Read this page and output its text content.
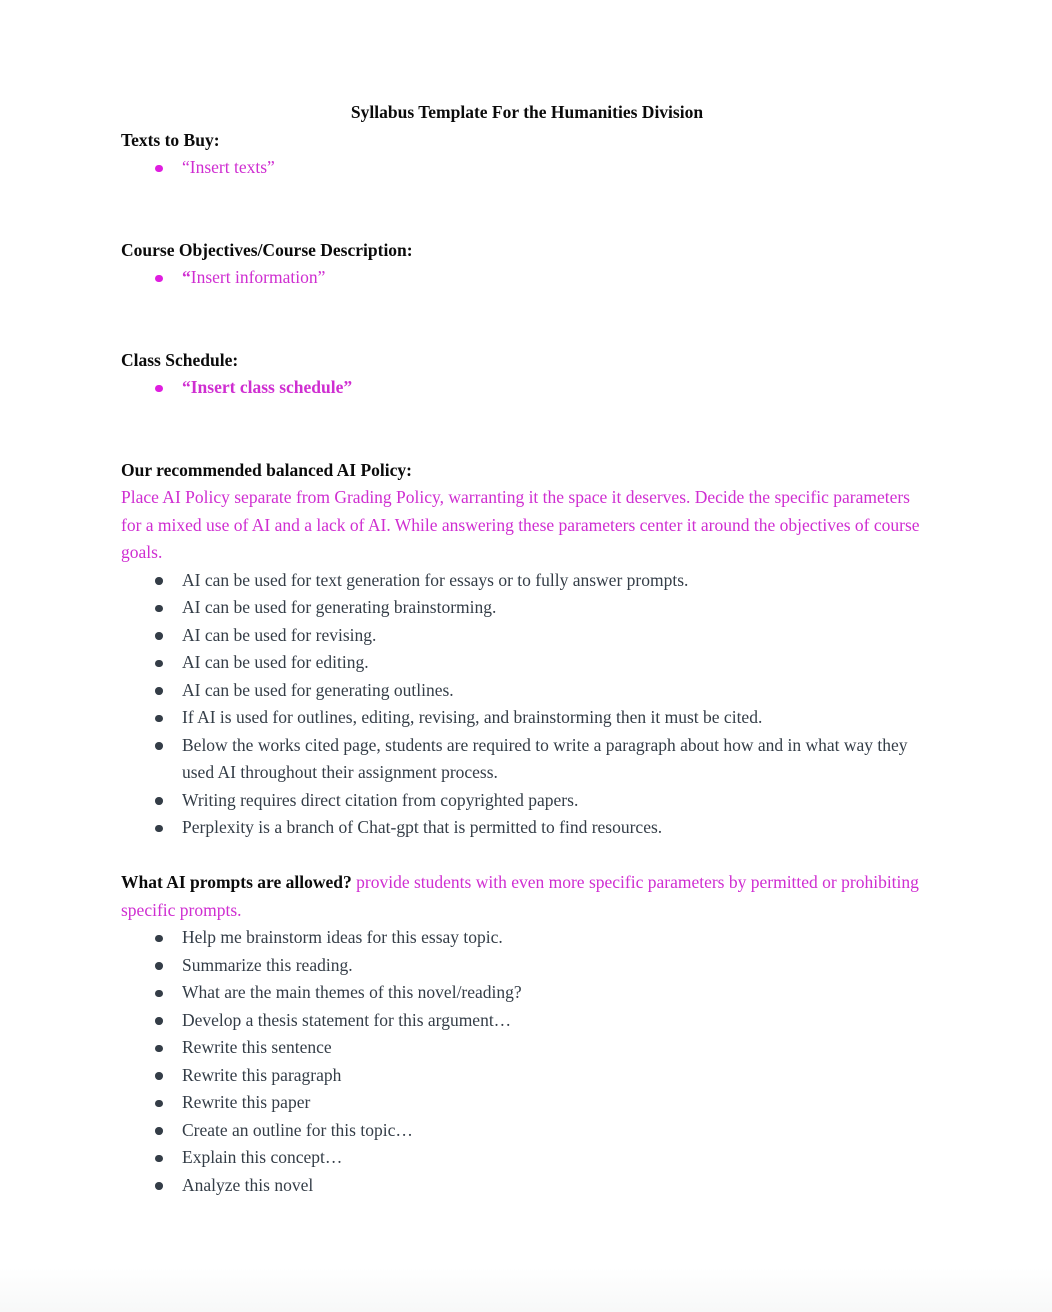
Syllabus Template For the Humanities Division
Texts to Buy:
“Insert texts”
Course Objectives/Course Description:
“Insert information”
Class Schedule:
“Insert class schedule”
Our recommended balanced AI Policy:

Place AI Policy separate from Grading Policy, warranting it the space it deserves. Decide the specific parameters for a mixed use of AI and a lack of AI. While answering these parameters center it around the objectives of course goals.

AI can be used for text generation for essays or to fully answer prompts.
AI can be used for generating brainstorming.
AI can be used for revising.
AI can be used for editing.
AI can be used for generating outlines.
If AI is used for outlines, editing, revising, and brainstorming then it must be cited.
Below the works cited page, students are required to write a paragraph about how and in what way they used AI throughout their assignment process.
Writing requires direct citation from copyrighted papers.
Perplexity is a branch of Chat-gpt that is permitted to find resources.

What AI prompts are allowed? provide students with even more specific parameters by permitted or prohibiting specific prompts.

Help me brainstorm ideas for this essay topic.
Summarize this reading.
What are the main themes of this novel/reading?
Develop a thesis statement for this argument…
Rewrite this sentence
Rewrite this paragraph
Rewrite this paper
Create an outline for this topic…
Explain this concept…
Analyze this novel
